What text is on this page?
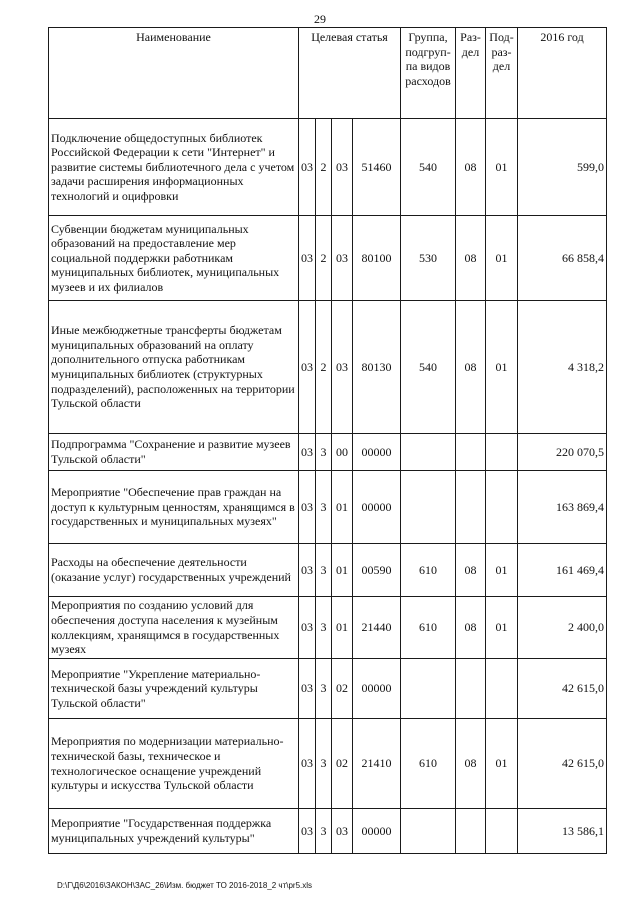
29
Наименование	Целевая статья				Группа, подгруп- па видов расходов	Раз- дел	Под- раз- дел	2016 год
Подключение общедоступных библиотек Российской Федерации к сети "Интернет" и развитие системы библиотечного дела с учетом задачи расширения информационных технологий и оцифровки	03	2	03	51460	540	08	01	599,0
Субвенции бюджетам муниципальных образований на предоставление мер социальной поддержки работникам муниципальных библиотек, муниципальных музеев и их филиалов	03	2	03	80100	530	08	01	66 858,4
Иные межбюджетные трансферты бюджетам муниципальных образований на оплату дополнительного отпуска работникам муниципальных библиотек (структурных подразделений), расположенных на территории Тульской области	03	2	03	80130	540	08	01	4 318,2
Подпрограмма "Сохранение и развитие музеев Тульской области"	03	3	00	00000				220 070,5
Мероприятие "Обеспечение прав граждан на доступ к культурным ценностям, хранящимся в государственных и муниципальных музеях"	03	3	01	00000				163 869,4
Расходы на обеспечение деятельности (оказание услуг) государственных учреждений	03	3	01	00590	610	08	01	161 469,4
Мероприятия по созданию условий для обеспечения доступа населения к музейным коллекциям, хранящимся в государственных музеях	03	3	01	21440	610	08	01	2 400,0
Мероприятие "Укрепление материально-технической базы учреждений культуры Тульской области"	03	3	02	00000				42 615,0
Мероприятия по модернизации материально-технической базы, техническое и технологическое оснащение учреждений культуры и искусства Тульской области	03	3	02	21410	610	08	01	42 615,0
Мероприятие "Государственная поддержка муниципальных учреждений культуры"	03	3	03	00000				13 586,1
D:\Г\Д6\2016\ЗАКОН\ЗАС_26\Изм. бюджет ТО 2016-2018_2 чт\pr5.xls
